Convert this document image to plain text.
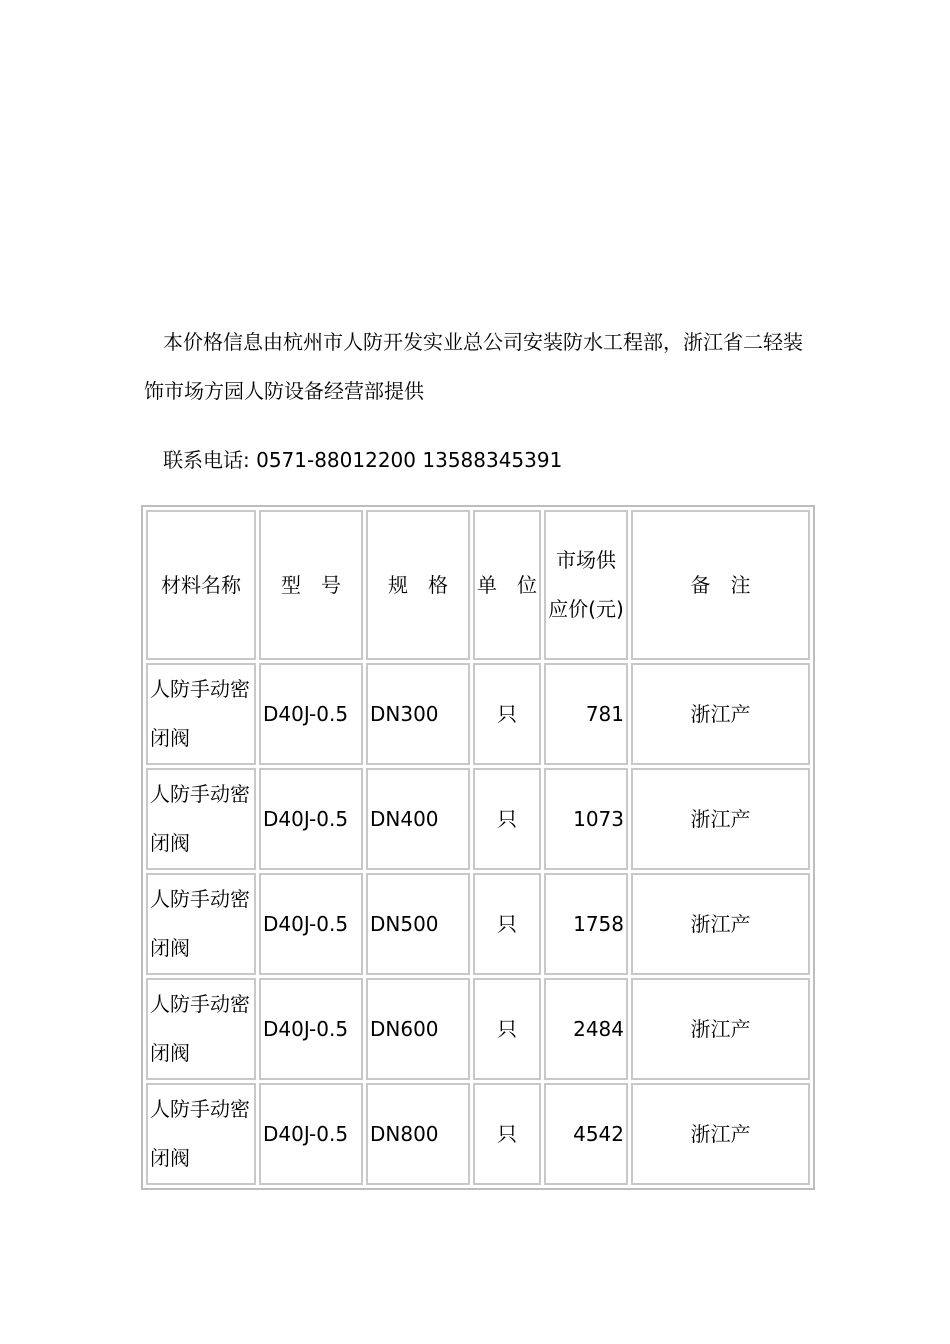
本价格信息由杭州市人防开发实业总公司安装防水工程部，浙江省二轻装饰市场方园人防设备经营部提供

联系电话: 0571-88012200 13588345391

材料名称	型　号	规　格	单　位	市场供应价(元)	备　注
人防手动密闭阀	D40J-0.5	DN300	只	781	浙江产
人防手动密闭阀	D40J-0.5	DN400	只	1073	浙江产
人防手动密闭阀	D40J-0.5	DN500	只	1758	浙江产
人防手动密闭阀	D40J-0.5	DN600	只	2484	浙江产
人防手动密闭阀	D40J-0.5	DN800	只	4542	浙江产
